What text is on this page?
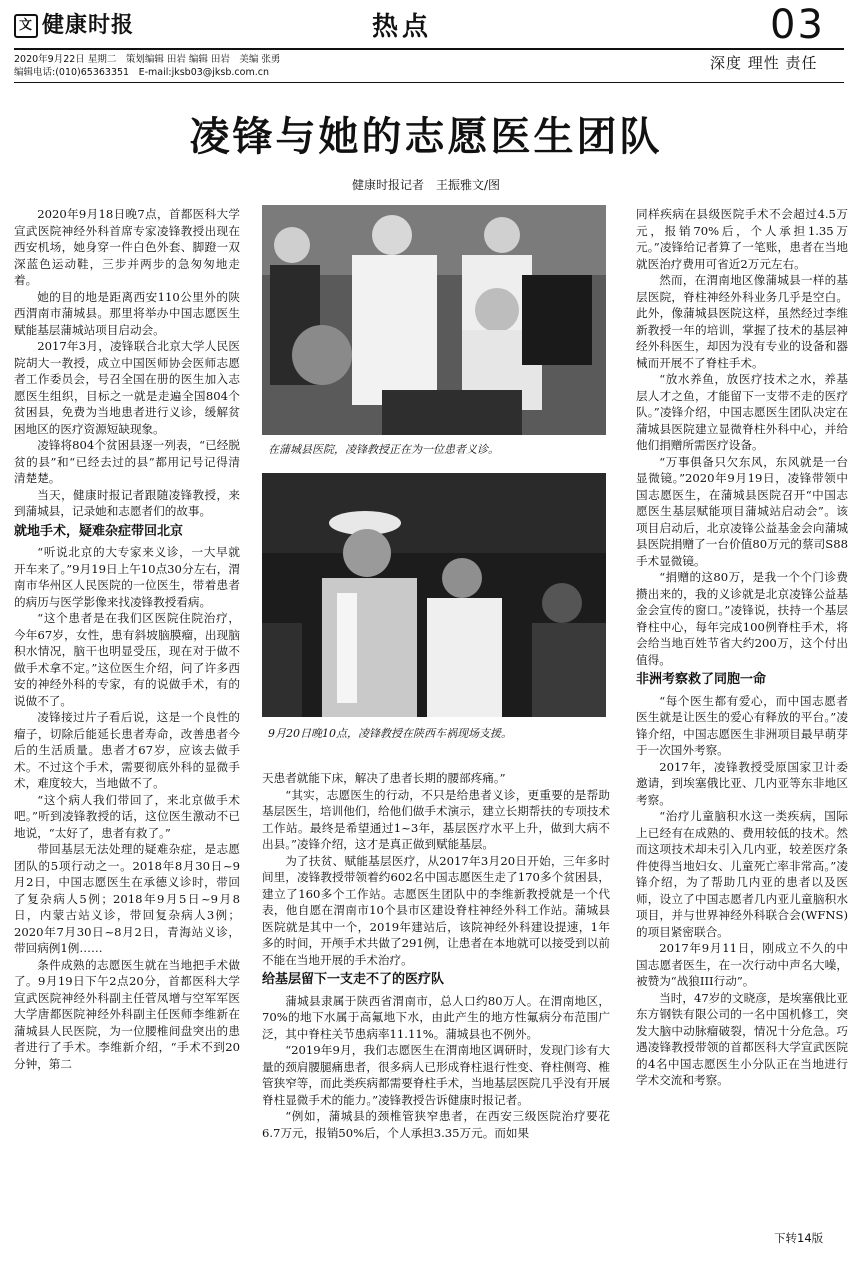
文 健康时报	热点	03
2020年9月22日 星期二　策划编辑 田岩 编辑 田岩　美编 张勇
编辑电话:(010)65363351　E-mail:jksb03@jksb.com.cn
深度 理性 责任
凌锋与她的志愿医生团队
健康时报记者　王振雅文/图

2020年9月18日晚7点，首都医科大学宣武医院神经外科首席专家凌锋教授出现在西安机场，她身穿一件白色外套、脚蹬一双深蓝色运动鞋，三步并两步的急匆匆地走着。

她的目的地是距离西安110公里外的陕西渭南市蒲城县。那里将举办中国志愿医生赋能基层蒲城站项目启动会。

2017年3月，凌锋联合北京大学人民医院胡大一教授，成立中国医师协会医师志愿者工作委员会，号召全国在册的医生加入志愿医生组织，目标之一就是走遍全国804个贫困县，免费为当地患者进行义诊，缓解贫困地区的医疗资源短缺现象。

凌锋将804个贫困县逐一列表，“已经脱贫的县”和“已经去过的县”都用记号记得清清楚楚。

当天，健康时报记者跟随凌锋教授，来到蒲城县，记录她和志愿者们的故事。

就地手术，疑难杂症带回北京

“听说北京的大专家来义诊，一大早就开车来了。”9月19日上午10点30分左右，渭南市华州区人民医院的一位医生，带着患者的病历与医学影像来找凌锋教授看病。

“这个患者是在我们区医院住院治疗，今年67岁，女性，患有斜坡脑膜瘤，出现脑积水情况，脑干也明显受压，现在对于做不做手术拿不定。”这位医生介绍，问了许多西安的神经外科的专家，有的说做手术，有的说做不了。

凌锋接过片子看后说，这是一个良性的瘤子，切除后能延长患者寿命，改善患者今后的生活质量。患者才67岁，应该去做手术。不过这个手术，需要彻底外科的显微手术，难度较大，当地做不了。

“这个病人我们带回了，来北京做手术吧。”听到凌锋教授的话，这位医生激动不已地说，“太好了，患者有救了。”

带回基层无法处理的疑难杂症，是志愿团队的5项行动之一。2018年8月30日~9月2日，中国志愿医生在承德义诊时，带回了复杂病人5例；2018年9月5日~9月8日，内蒙古站义诊，带回复杂病人3例；2020年7月30日~8月2日，青海站义诊，带回病例1例……

条件成熟的志愿医生就在当地把手术做了。9月19日下午2点20分，首都医科大学宣武医院神经外科副主任菅凤增与空军军医大学唐都医院神经外科副主任医师李维新在蒲城县人民医院，为一位腰椎间盘突出的患者进行了手术。李维新介绍，“手术不到20分钟，第二

在蒲城县医院，凌锋教授正在为一位患者义诊。
9月20日晚10点，凌锋教授在陕西车祸现场支援。

天患者就能下床，解决了患者长期的腰部疼痛。”

“其实，志愿医生的行动，不只是给患者义诊，更重要的是帮助基层医生，培训他们，给他们做手术演示，建立长期帮扶的专项技术工作站。最终是希望通过1~3年，基层医疗水平上升，做到大病不出县。”凌锋介绍，这才是真正做到赋能基层。

为了扶贫、赋能基层医疗，从2017年3月20日开始，三年多时间里，凌锋教授带领着约602名中国志愿医生走了170多个贫困县，建立了160多个工作站。志愿医生团队中的李维新教授就是一个代表，他自愿在渭南市10个县市区建设脊柱神经外科工作站。蒲城县医院就是其中一个，2019年建站后，该院神经外科建设提速，1年多的时间，开颅手术共做了291例，让患者在本地就可以接受到以前不能在当地开展的手术治疗。

给基层留下一支走不了的医疗队

蒲城县隶属于陕西省渭南市，总人口约80万人。在渭南地区，70%的地下水属于高氟地下水，由此产生的地方性氟病分布范围广泛，其中脊柱关节患病率11.11%。蒲城县也不例外。

“2019年9月，我们志愿医生在渭南地区调研时，发现门诊有大量的颈肩腰腿痛患者，很多病人已形成脊柱退行性变、脊柱侧弯、椎管狭窄等，而此类疾病都需要脊柱手术，当地基层医院几乎没有开展脊柱显微手术的能力。”凌锋教授告诉健康时报记者。

“例如，蒲城县的颈椎管狭窄患者，在西安三级医院治疗要花6.7万元，报销50%后，个人承担3.35万元。而如果

同样疾病在县级医院手术不会超过4.5万元，报销70%后，个人承担1.35万元。”凌锋给记者算了一笔账，患者在当地就医治疗费用可省近2万元左右。

然而，在渭南地区像蒲城县一样的基层医院，脊柱神经外科业务几乎是空白。此外，像蒲城县医院这样，虽然经过李维新教授一年的培训，掌握了技术的基层神经外科医生，却因为没有专业的设备和器械而开展不了脊柱手术。

“放水养鱼，放医疗技术之水，养基层人才之鱼，才能留下一支带不走的医疗队。”凌锋介绍，中国志愿医生团队决定在蒲城县医院建立显微脊柱外科中心，并给他们捐赠所需医疗设备。

“万事俱备只欠东风，东风就是一台显微镜。”2020年9月19日，凌锋带领中国志愿医生，在蒲城县医院召开“中国志愿医生基层赋能项目蒲城站启动会”。该项目启动后，北京凌锋公益基金会向蒲城县医院捐赠了一台价值80万元的蔡司S88手术显微镜。

“捐赠的这80万，是我一个个门诊费攒出来的，我的义诊就是北京凌锋公益基金会宣传的窗口。”凌锋说，扶持一个基层脊柱中心，每年完成100例脊柱手术，将会给当地百姓节省大约200万，这个付出值得。

非洲考察救了同胞一命

“每个医生都有爱心，而中国志愿者医生就是让医生的爱心有释放的平台。”凌锋介绍，中国志愿医生非洲项目最早萌芽于一次国外考察。

2017年，凌锋教授受原国家卫计委邀请，到埃塞俄比亚、几内亚等东非地区考察。

“治疗儿童脑积水这一类疾病，国际上已经有在成熟的、费用较低的技术。然而这项技术却未引入几内亚，较差医疗条件使得当地妇女、儿童死亡率非常高。”凌锋介绍，为了帮助几内亚的患者以及医师，设立了中国志愿者几内亚儿童脑积水项目，并与世界神经外科联合会(WFNS)的项目紧密联合。

2017年9月11日，刚成立不久的中国志愿者医生，在一次行动中声名大噪，被赞为“战狼III行动”。

当时，47岁的文晓彦，是埃塞俄比亚东方钢铁有限公司的一名中国机修工，突发大脑中动脉瘤破裂，情况十分危急。巧遇凌锋教授带领的首都医科大学宣武医院的4名中国志愿医生小分队正在当地进行学术交流和考察。

下转14版
